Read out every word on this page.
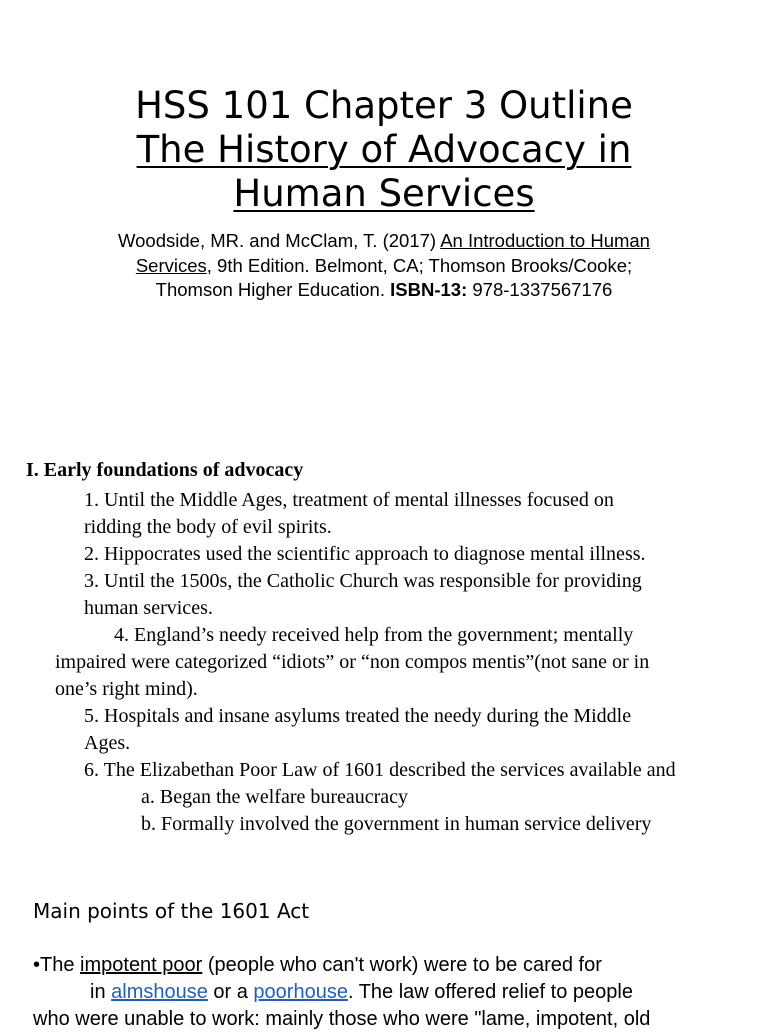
HSS 101 Chapter 3 Outline
The History of Advocacy in
Human Services
Woodside, MR. and McClam, T. (2017) An Introduction to Human Services, 9th Edition. Belmont, CA; Thomson Brooks/Cooke; Thomson Higher Education. ISBN-13: 978-1337567176
I. Early foundations of advocacy
1. Until the Middle Ages, treatment of mental illnesses focused on
ridding the body of evil spirits.
2. Hippocrates used the scientific approach to diagnose mental illness.
3. Until the 1500s, the Catholic Church was responsible for providing
human services.
4. England’s needy received help from the government; mentally
impaired were categorized “idiots” or “non compos mentis”(not sane or in
one’s right mind).
5. Hospitals and insane asylums treated the needy during the Middle
Ages.
6. The Elizabethan Poor Law of 1601 described the services available and
a. Began the welfare bureaucracy
b. Formally involved the government in human service delivery
Main points of the 1601 Act
•The impotent poor (people who can't work) were to be cared for
in almshouse or a poorhouse. The law offered relief to people
who were unable to work: mainly those who were "lame, impotent, old
